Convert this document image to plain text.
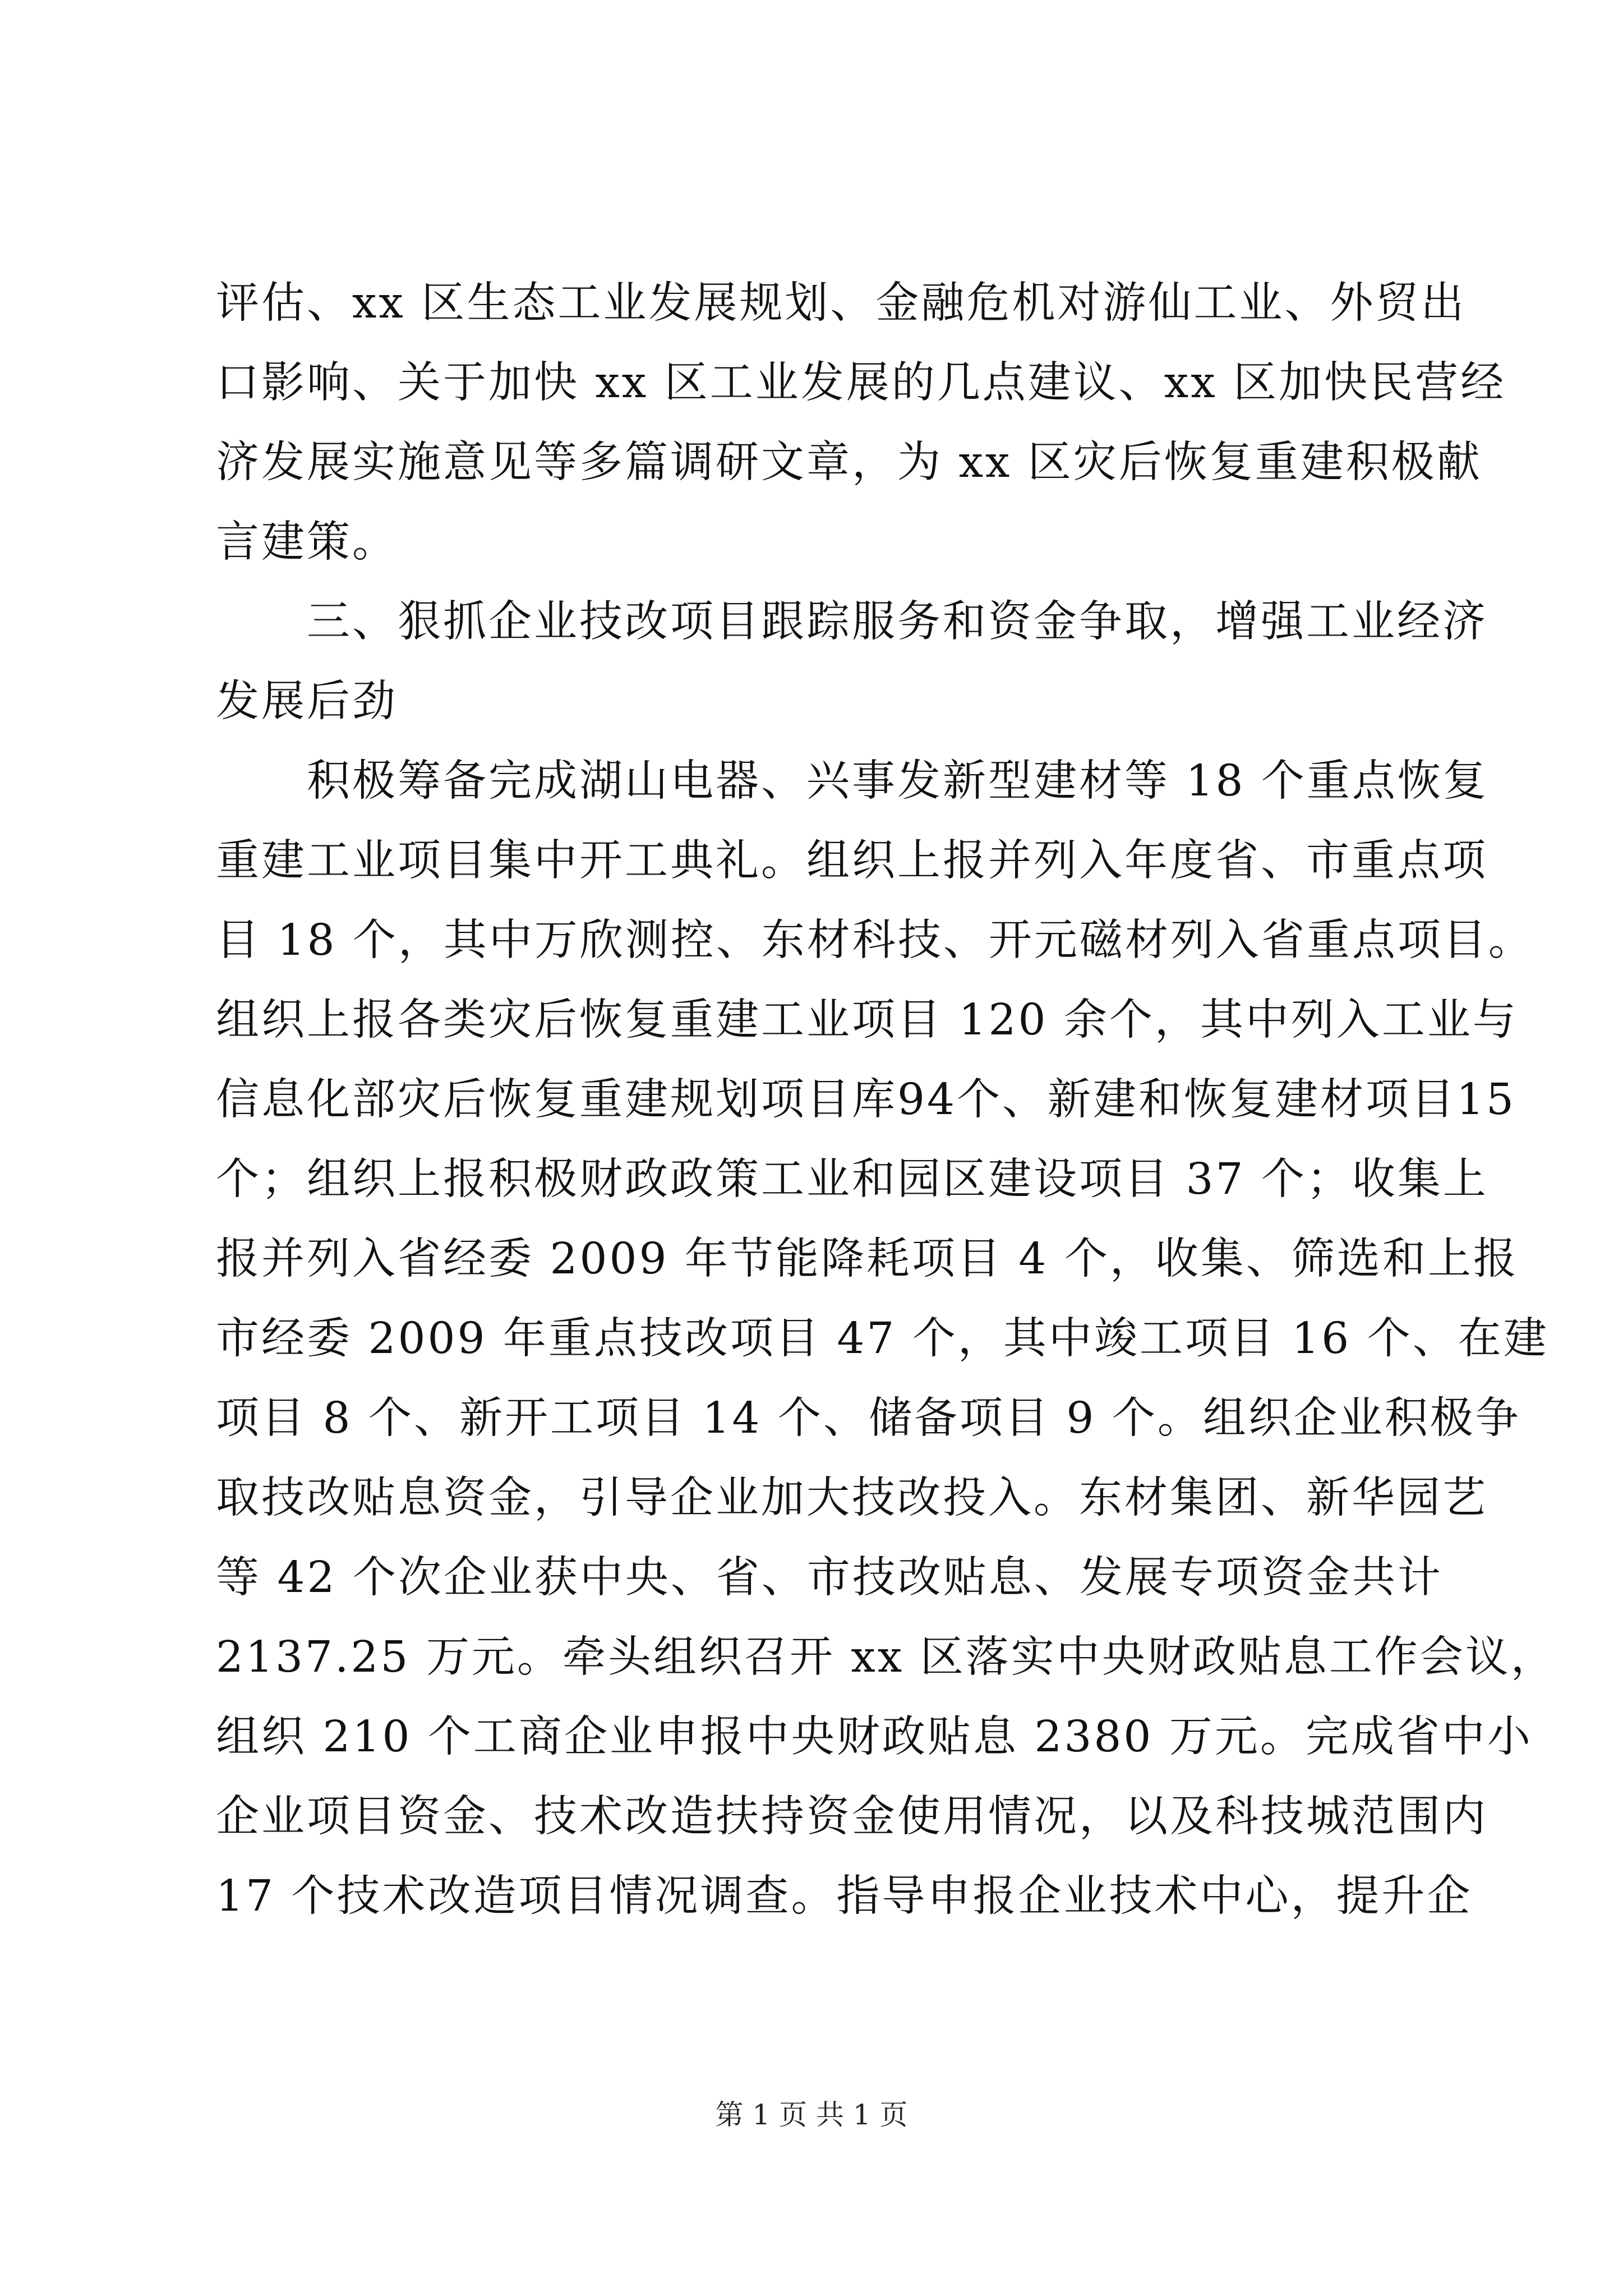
评估、xx 区生态工业发展规划、金融危机对游仙工业、外贸出
口影响、关于加快 xx 区工业发展的几点建议、xx 区加快民营经
济发展实施意见等多篇调研文章，为 xx 区灾后恢复重建积极献
言建策。
　　三、狠抓企业技改项目跟踪服务和资金争取，增强工业经济
发展后劲
　　积极筹备完成湖山电器、兴事发新型建材等 18 个重点恢复
重建工业项目集中开工典礼。组织上报并列入年度省、市重点项
目 18 个，其中万欣测控、东材科技、开元磁材列入省重点项目。
组织上报各类灾后恢复重建工业项目 120 余个，其中列入工业与
信息化部灾后恢复重建规划项目库94个、新建和恢复建材项目15
个；组织上报积极财政政策工业和园区建设项目 37 个；收集上
报并列入省经委 2009 年节能降耗项目 4 个，收集、筛选和上报
市经委 2009 年重点技改项目 47 个，其中竣工项目 16 个、在建
项目 8 个、新开工项目 14 个、储备项目 9 个。组织企业积极争
取技改贴息资金，引导企业加大技改投入。东材集团、新华园艺
等 42 个次企业获中央、省、市技改贴息、发展专项资金共计
2137.25 万元。牵头组织召开 xx 区落实中央财政贴息工作会议，
组织 210 个工商企业申报中央财政贴息 2380 万元。完成省中小
企业项目资金、技术改造扶持资金使用情况，以及科技城范围内
17 个技术改造项目情况调查。指导申报企业技术中心，提升企
第 1 页 共 1 页
